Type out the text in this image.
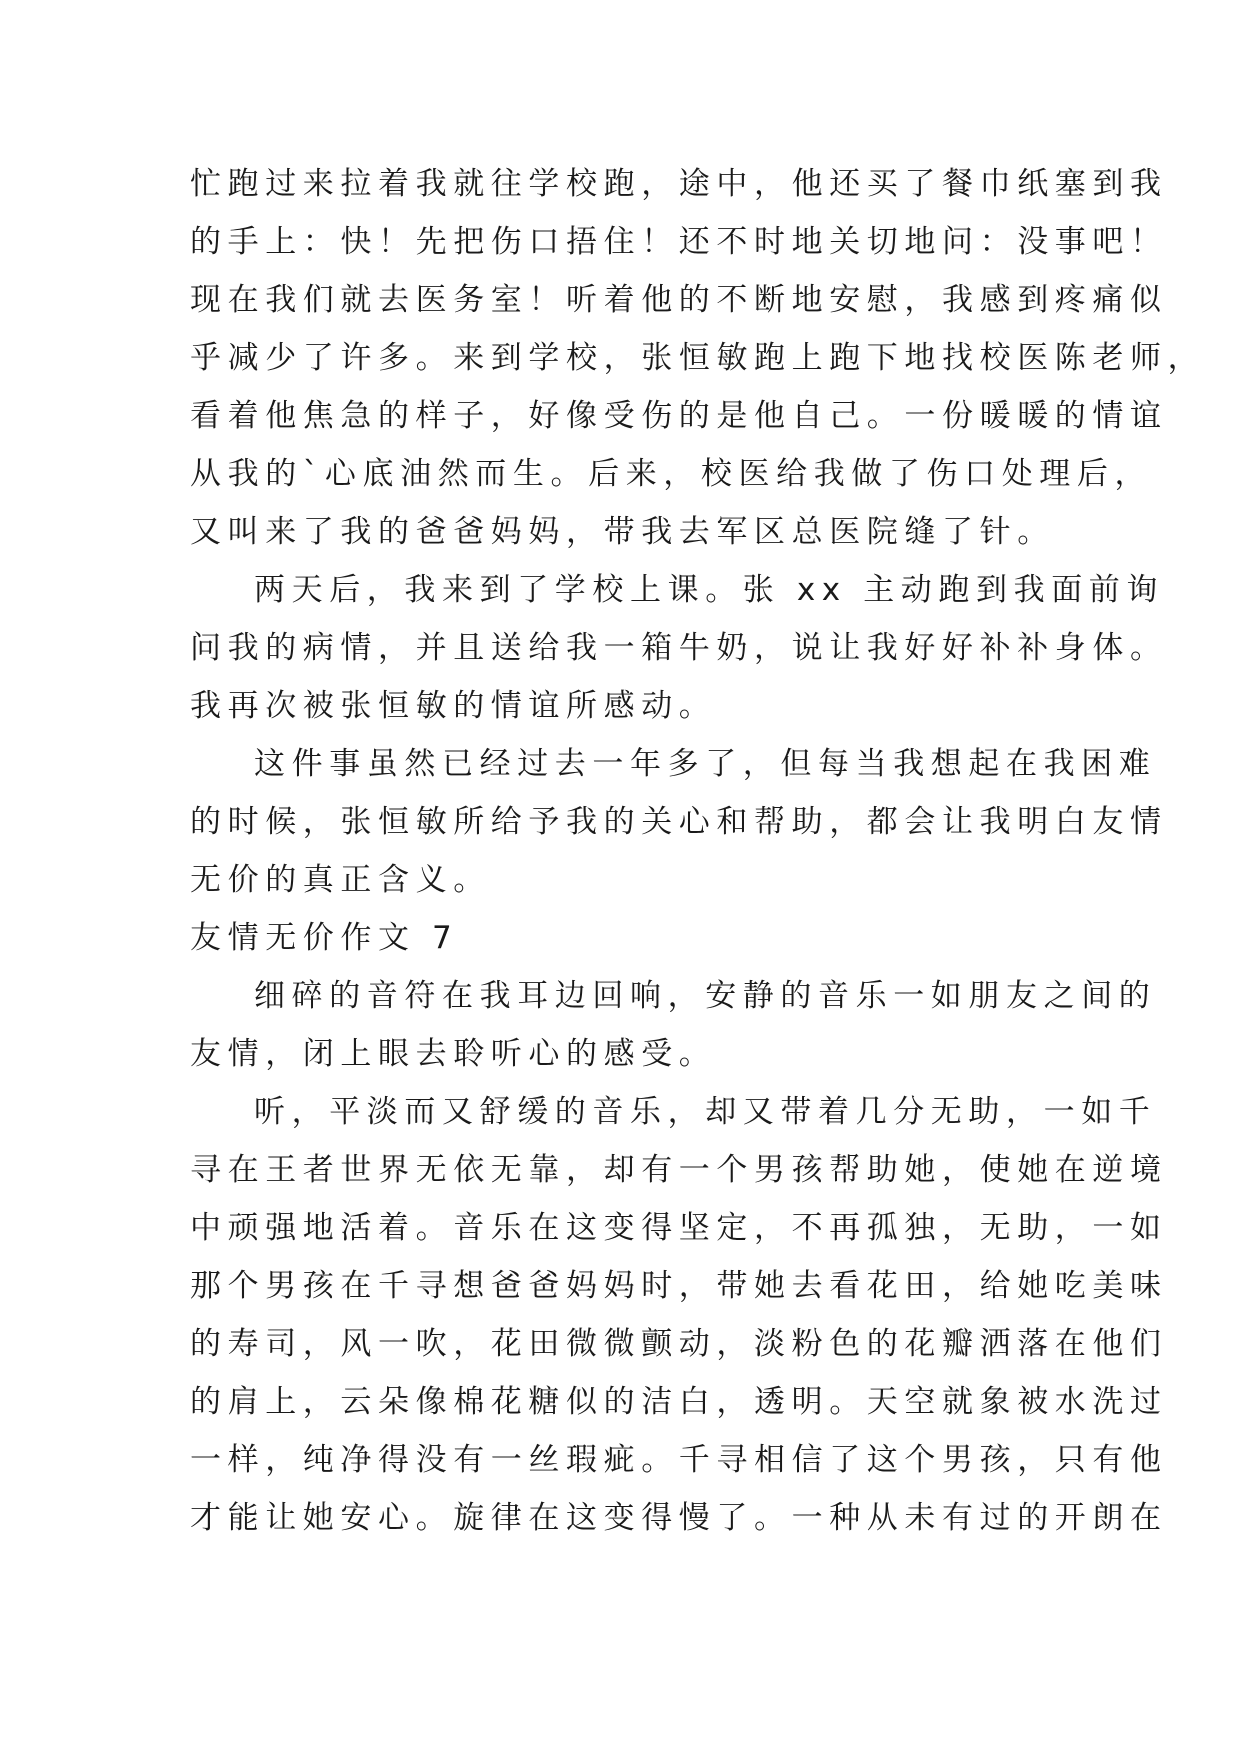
忙跑过来拉着我就往学校跑，途中，他还买了餐巾纸塞到我
的手上：快！先把伤口捂住！还不时地关切地问：没事吧！
现在我们就去医务室！听着他的不断地安慰，我感到疼痛似
乎减少了许多。来到学校，张恒敏跑上跑下地找校医陈老师，
看着他焦急的样子，好像受伤的是他自己。一份暖暖的情谊
从我的`心底油然而生。后来，校医给我做了伤口处理后，
又叫来了我的爸爸妈妈，带我去军区总医院缝了针。
两天后，我来到了学校上课。张 xx 主动跑到我面前询
问我的病情，并且送给我一箱牛奶，说让我好好补补身体。
我再次被张恒敏的情谊所感动。
这件事虽然已经过去一年多了，但每当我想起在我困难
的时候，张恒敏所给予我的关心和帮助，都会让我明白友情
无价的真正含义。
友情无价作文 7
细碎的音符在我耳边回响，安静的音乐一如朋友之间的
友情，闭上眼去聆听心的感受。
听，平淡而又舒缓的音乐，却又带着几分无助，一如千
寻在王者世界无依无靠，却有一个男孩帮助她，使她在逆境
中顽强地活着。音乐在这变得坚定，不再孤独，无助，一如
那个男孩在千寻想爸爸妈妈时，带她去看花田，给她吃美味
的寿司，风一吹，花田微微颤动，淡粉色的花瓣洒落在他们
的肩上，云朵像棉花糖似的洁白，透明。天空就象被水洗过
一样，纯净得没有一丝瑕疵。千寻相信了这个男孩，只有他
才能让她安心。旋律在这变得慢了。一种从未有过的开朗在
